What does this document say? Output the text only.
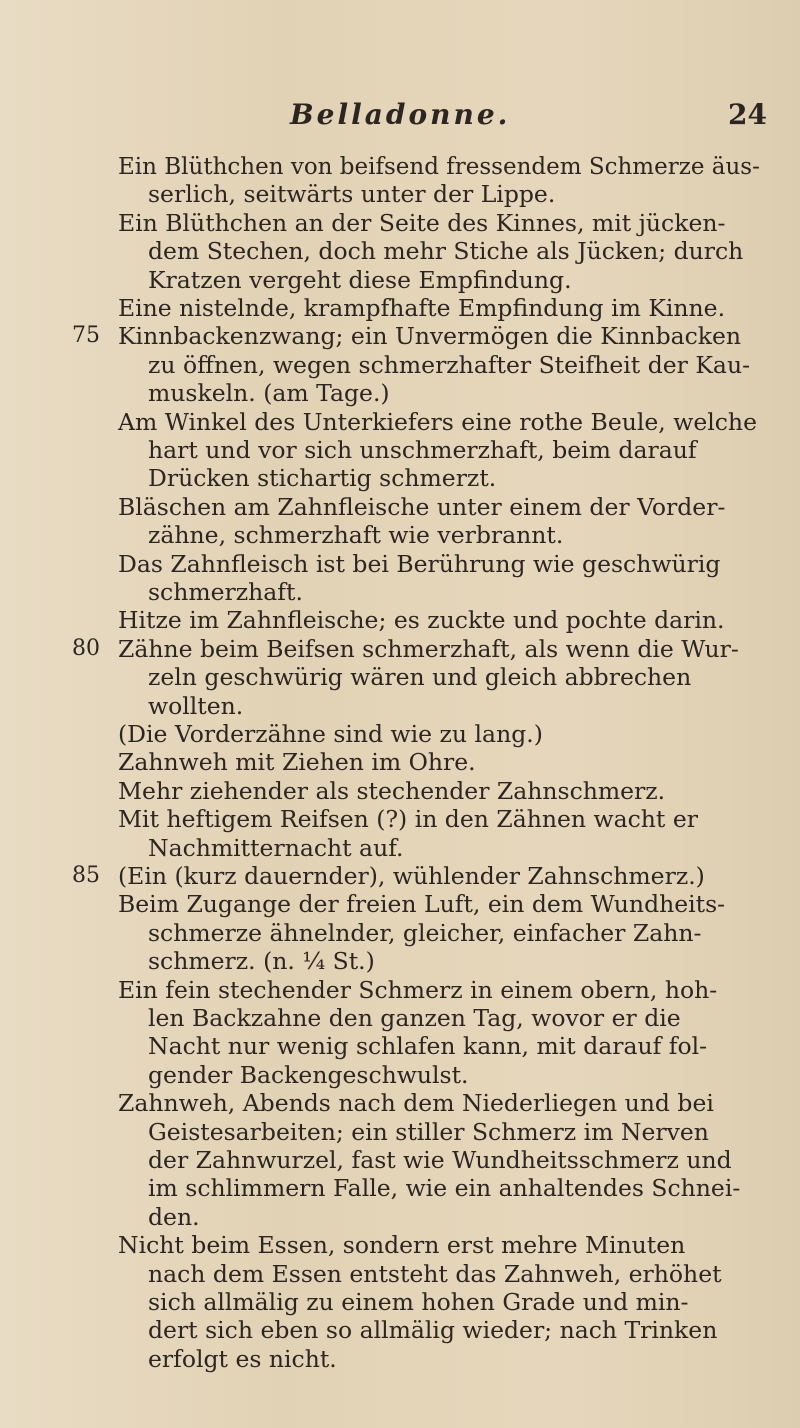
Belladonne.	24
Ein Blüthchen von beifsend fressendem Schmerze äus-
serlich, seitwärts unter der Lippe.
Ein Blüthchen an der Seite des Kinnes, mit jücken-
dem Stechen, doch mehr Stiche als Jücken; durch
Kratzen vergeht diese Empfindung.
Eine nistelnde, krampfhafte Empfindung im Kinne.
75 Kinnbackenzwang; ein Unvermögen die Kinnbacken
zu öffnen, wegen schmerzhafter Steifheit der Kau-
muskeln. (am Tage.)
Am Winkel des Unterkiefers eine rothe Beule, welche
hart und vor sich unschmerzhaft, beim darauf
Drücken stichartig schmerzt.
Bläschen am Zahnfleische unter einem der Vorder-
zähne, schmerzhaft wie verbrannt.
Das Zahnfleisch ist bei Berührung wie geschwürig
schmerzhaft.
Hitze im Zahnfleische; es zuckte und pochte darin.
80 Zähne beim Beifsen schmerzhaft, als wenn die Wur-
zeln geschwürig wären und gleich abbrechen
wollten.
(Die Vorderzähne sind wie zu lang.)
Zahnweh mit Ziehen im Ohre.
Mehr ziehender als stechender Zahnschmerz.
Mit heftigem Reifsen (?) in den Zähnen wacht er
Nachmitternacht auf.
85 (Ein (kurz dauernder), wühlender Zahnschmerz.)
Beim Zugange der freien Luft, ein dem Wundheits-
schmerze ähnelnder, gleicher, einfacher Zahn-
schmerz. (n. ¼ St.)
Ein fein stechender Schmerz in einem obern, hoh-
len Backzahne den ganzen Tag, wovor er die
Nacht nur wenig schlafen kann, mit darauf fol-
gender Backengeschwulst.
Zahnweh, Abends nach dem Niederliegen und bei
Geistesarbeiten; ein stiller Schmerz im Nerven
der Zahnwurzel, fast wie Wundheitsschmerz und
im schlimmern Falle, wie ein anhaltendes Schnei-
den.
Nicht beim Essen, sondern erst mehre Minuten
nach dem Essen entsteht das Zahnweh, erhöhet
sich allmälig zu einem hohen Grade und min-
dert sich eben so allmälig wieder; nach Trinken
erfolgt es nicht.
